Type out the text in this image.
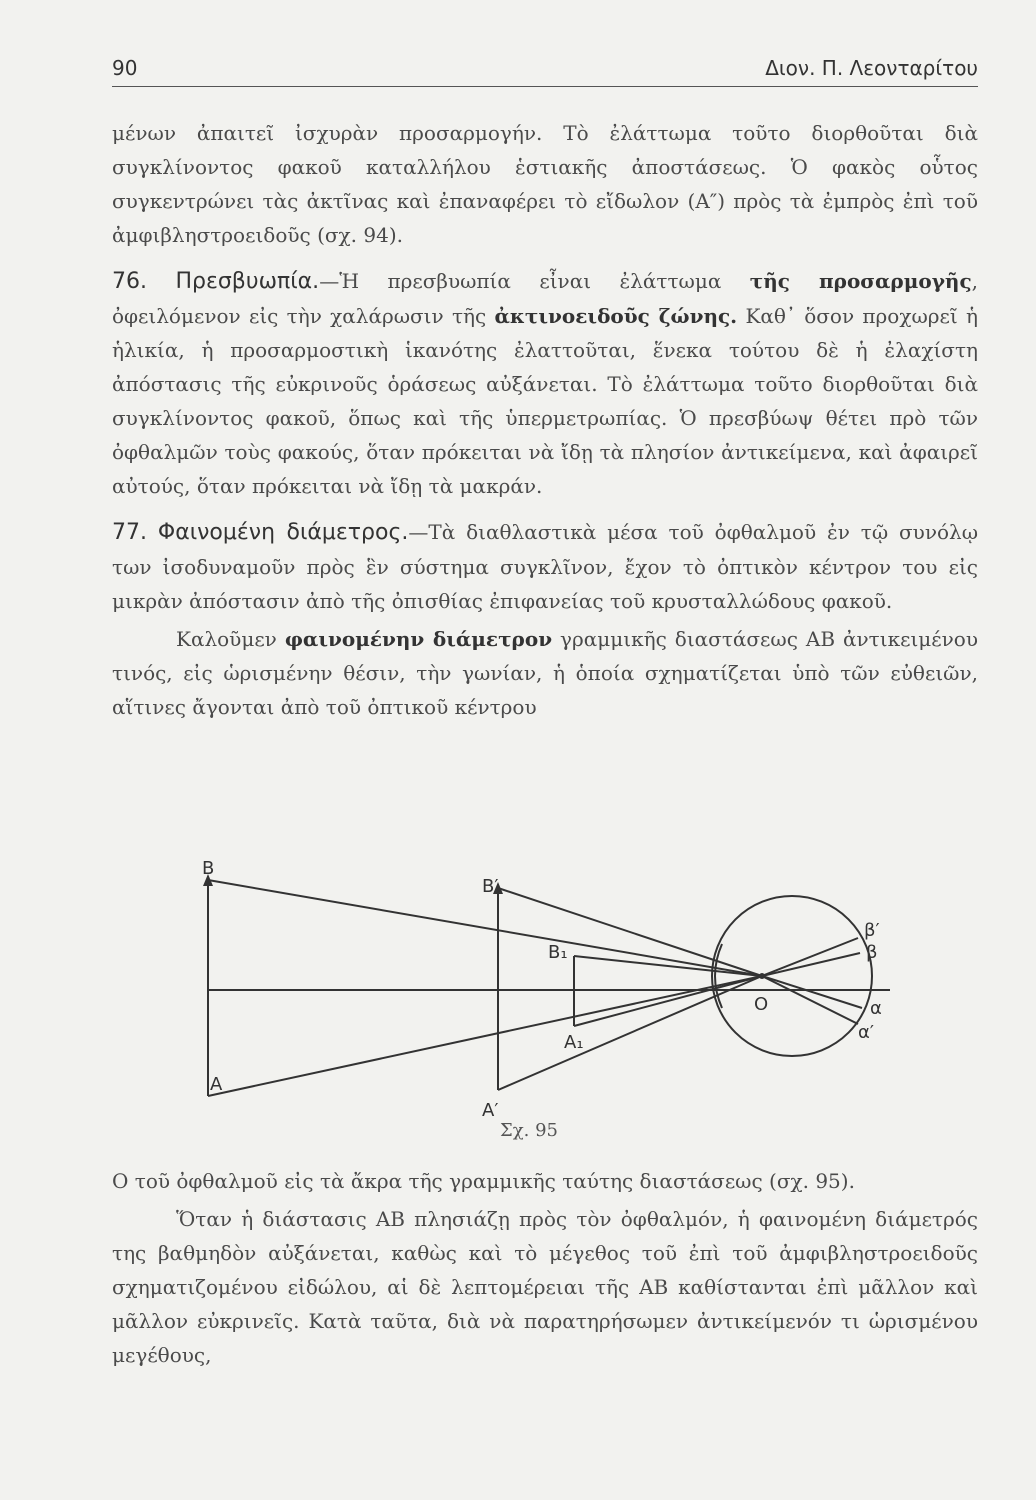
90	Διον. Π. Λεονταρίτου

μένων ἀπαιτεῖ ἰσχυρὰν προσαρμογήν. Τὸ ἐλάττωμα τοῦτο διορθοῦται διὰ συγκλίνοντος φακοῦ καταλλήλου ἑστιακῆς ἀποστάσεως. Ὁ φακὸς οὗτος συγκεντρώνει τὰς ἀκτῖνας καὶ ἐπαναφέρει τὸ εἴδωλον (Α″) πρὸς τὰ ἐμπρὸς ἐπὶ τοῦ ἀμφιβληστροειδοῦς (σχ. 94).

76. Πρεσβυωπία.—Ἡ πρεσβυωπία εἶναι ἐλάττωμα τῆς προσαρμογῆς, ὀφειλόμενον εἰς τὴν χαλάρωσιν τῆς ἀκτινοειδοῦς ζώνης. Καθ᾽ ὅσον προχωρεῖ ἡ ἡλικία, ἡ προσαρμοστικὴ ἱκανότης ἐλαττοῦται, ἕνεκα τούτου δὲ ἡ ἐλαχίστη ἀπόστασις τῆς εὐκρινοῦς ὁράσεως αὐξάνεται. Τὸ ἐλάττωμα τοῦτο διορθοῦται διὰ συγκλίνοντος φακοῦ, ὅπως καὶ τῆς ὑπερμετρωπίας. Ὁ πρεσβύωψ θέτει πρὸ τῶν ὀφθαλμῶν τοὺς φακούς, ὅταν πρόκειται νὰ ἴδῃ τὰ πλησίον ἀντικείμενα, καὶ ἀφαιρεῖ αὐτούς, ὅταν πρόκειται νὰ ἴδῃ τὰ μακράν.

77. Φαινομένη διάμετρος.—Τὰ διαθλαστικὰ μέσα τοῦ ὀφθαλμοῦ ἐν τῷ συνόλῳ των ἰσοδυναμοῦν πρὸς ἓν σύστημα συγκλῖνον, ἔχον τὸ ὀπτικὸν κέντρον του εἰς μικρὰν ἀπόστασιν ἀπὸ τῆς ὀπισθίας ἐπιφανείας τοῦ κρυσταλλώδους φακοῦ.

Καλοῦμεν φαινομένην διάμετρον γραμμικῆς διαστάσεως ΑΒ ἀντικειμένου τινός, εἰς ὡρισμένην θέσιν, τὴν γωνίαν, ἡ ὁποία σχηματίζεται ὑπὸ τῶν εὐθειῶν, αἵτινες ἄγονται ἀπὸ τοῦ ὀπτικοῦ κέντρου

Β
Α
Β′
Α′
Β₁
Α₁
Ο
β′
β
α
α′
Σχ. 95

Ο τοῦ ὀφθαλμοῦ εἰς τὰ ἄκρα τῆς γραμμικῆς ταύτης διαστάσεως (σχ. 95).

Ὅταν ἡ διάστασις ΑΒ πλησιάζῃ πρὸς τὸν ὀφθαλμόν, ἡ φαινομένη διάμετρός της βαθμηδὸν αὐξάνεται, καθὼς καὶ τὸ μέγεθος τοῦ ἐπὶ τοῦ ἀμφιβληστροειδοῦς σχηματιζομένου εἰδώλου, αἱ δὲ λεπτομέρειαι τῆς ΑΒ καθίστανται ἐπὶ μᾶλλον καὶ μᾶλλον εὐκρινεῖς. Κατὰ ταῦτα, διὰ νὰ παρατηρήσωμεν ἀντικείμενόν τι ὡρισμένου μεγέθους,
